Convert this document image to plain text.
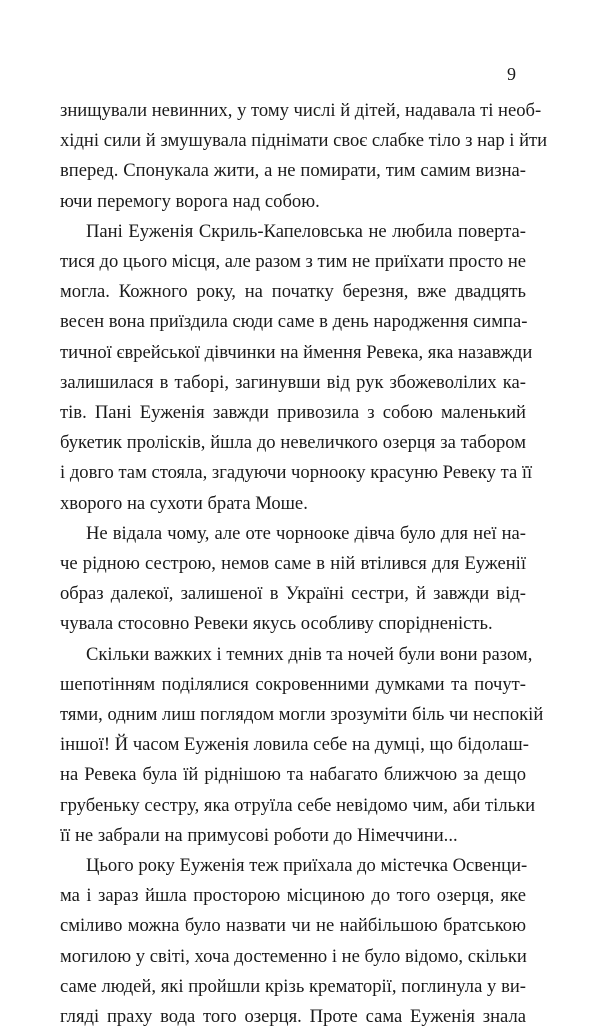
9

знищували невинних, у тому числі й дітей, надавала ті необ-
хідні сили й змушувала піднімати своє слабке тіло з нар і йти
вперед. Спонукала жити, а не помирати, тим самим визна-
ючи перемогу ворога над собою.

Пані Еуженія Скриль-Капеловська не любила поверта-
тися до цього місця, але разом з тим не приїхати просто не
могла. Кожного року, на початку березня, вже двадцять
весен вона приїздила сюди саме в день народження симпа-
тичної єврейської дівчинки на ймення Ревека, яка назавжди
залишилася в таборі, загинувши від рук збожеволілих ка-
тів. Пані Еуженія завжди привозила з собою маленький
букетик пролісків, йшла до невеличкого озерця за табором
і довго там стояла, згадуючи чорнооку красуню Ревеку та її
хворого на сухоти брата Моше.

Не відала чому, але оте чорнооке дівча було для неї на-
че рідною сестрою, немов саме в ній втілився для Еуженії
образ далекої, залишеної в Україні сестри, й завжди від-
чувала стосовно Ревеки якусь особливу спорідненість.

Скільки важких і темних днів та ночей були вони разом,
шепотінням поділялися сокровенними думками та почут-
тями, одним лиш поглядом могли зрозуміти біль чи неспокій
іншої! Й часом Еуженія ловила себе на думці, що бідолаш-
на Ревека була їй ріднішою та набагато ближчою за дещо
грубеньку сестру, яка отруїла себе невідомо чим, аби тільки
її не забрали на примусові роботи до Німеччини...

Цього року Еуженія теж приїхала до містечка Освенци-
ма і зараз йшла просторою місциною до того озерця, яке
сміливо можна було назвати чи не найбільшою братською
могилою у світі, хоча достеменно і не було відомо, скільки
саме людей, які пройшли крізь крематорії, поглинула у ви-
гляді праху вода того озерця. Проте сама Еуженія знала
